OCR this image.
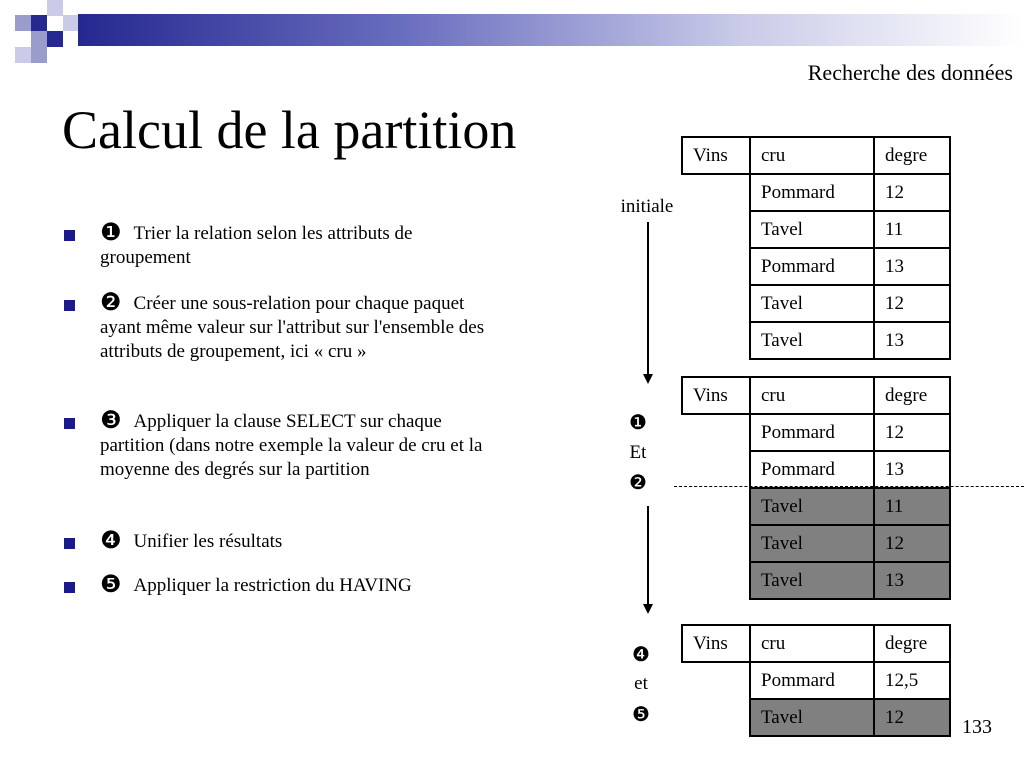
Recherche des données
Calcul de la partition
❶ Trier la relation selon les attributs de groupement
❷ Créer une sous-relation pour chaque paquet ayant même valeur sur l'attribut sur l'ensemble des attributs de groupement, ici « cru »
❸ Appliquer la clause SELECT sur chaque partition (dans notre exemple la valeur de cru et la moyenne des degrés sur la partition
❹ Unifier les résultats
❺ Appliquer la restriction du HAVING
initiale
❶
Et
❷
❹
et
❺
Vins	cru	degre
	Pommard	12
	Tavel	11
	Pommard	13
	Tavel	12
	Tavel	13
Vins	cru	degre
	Pommard	12
	Pommard	13
	Tavel	11
	Tavel	12
	Tavel	13
Vins	cru	degre
	Pommard	12,5
	Tavel	12	133
